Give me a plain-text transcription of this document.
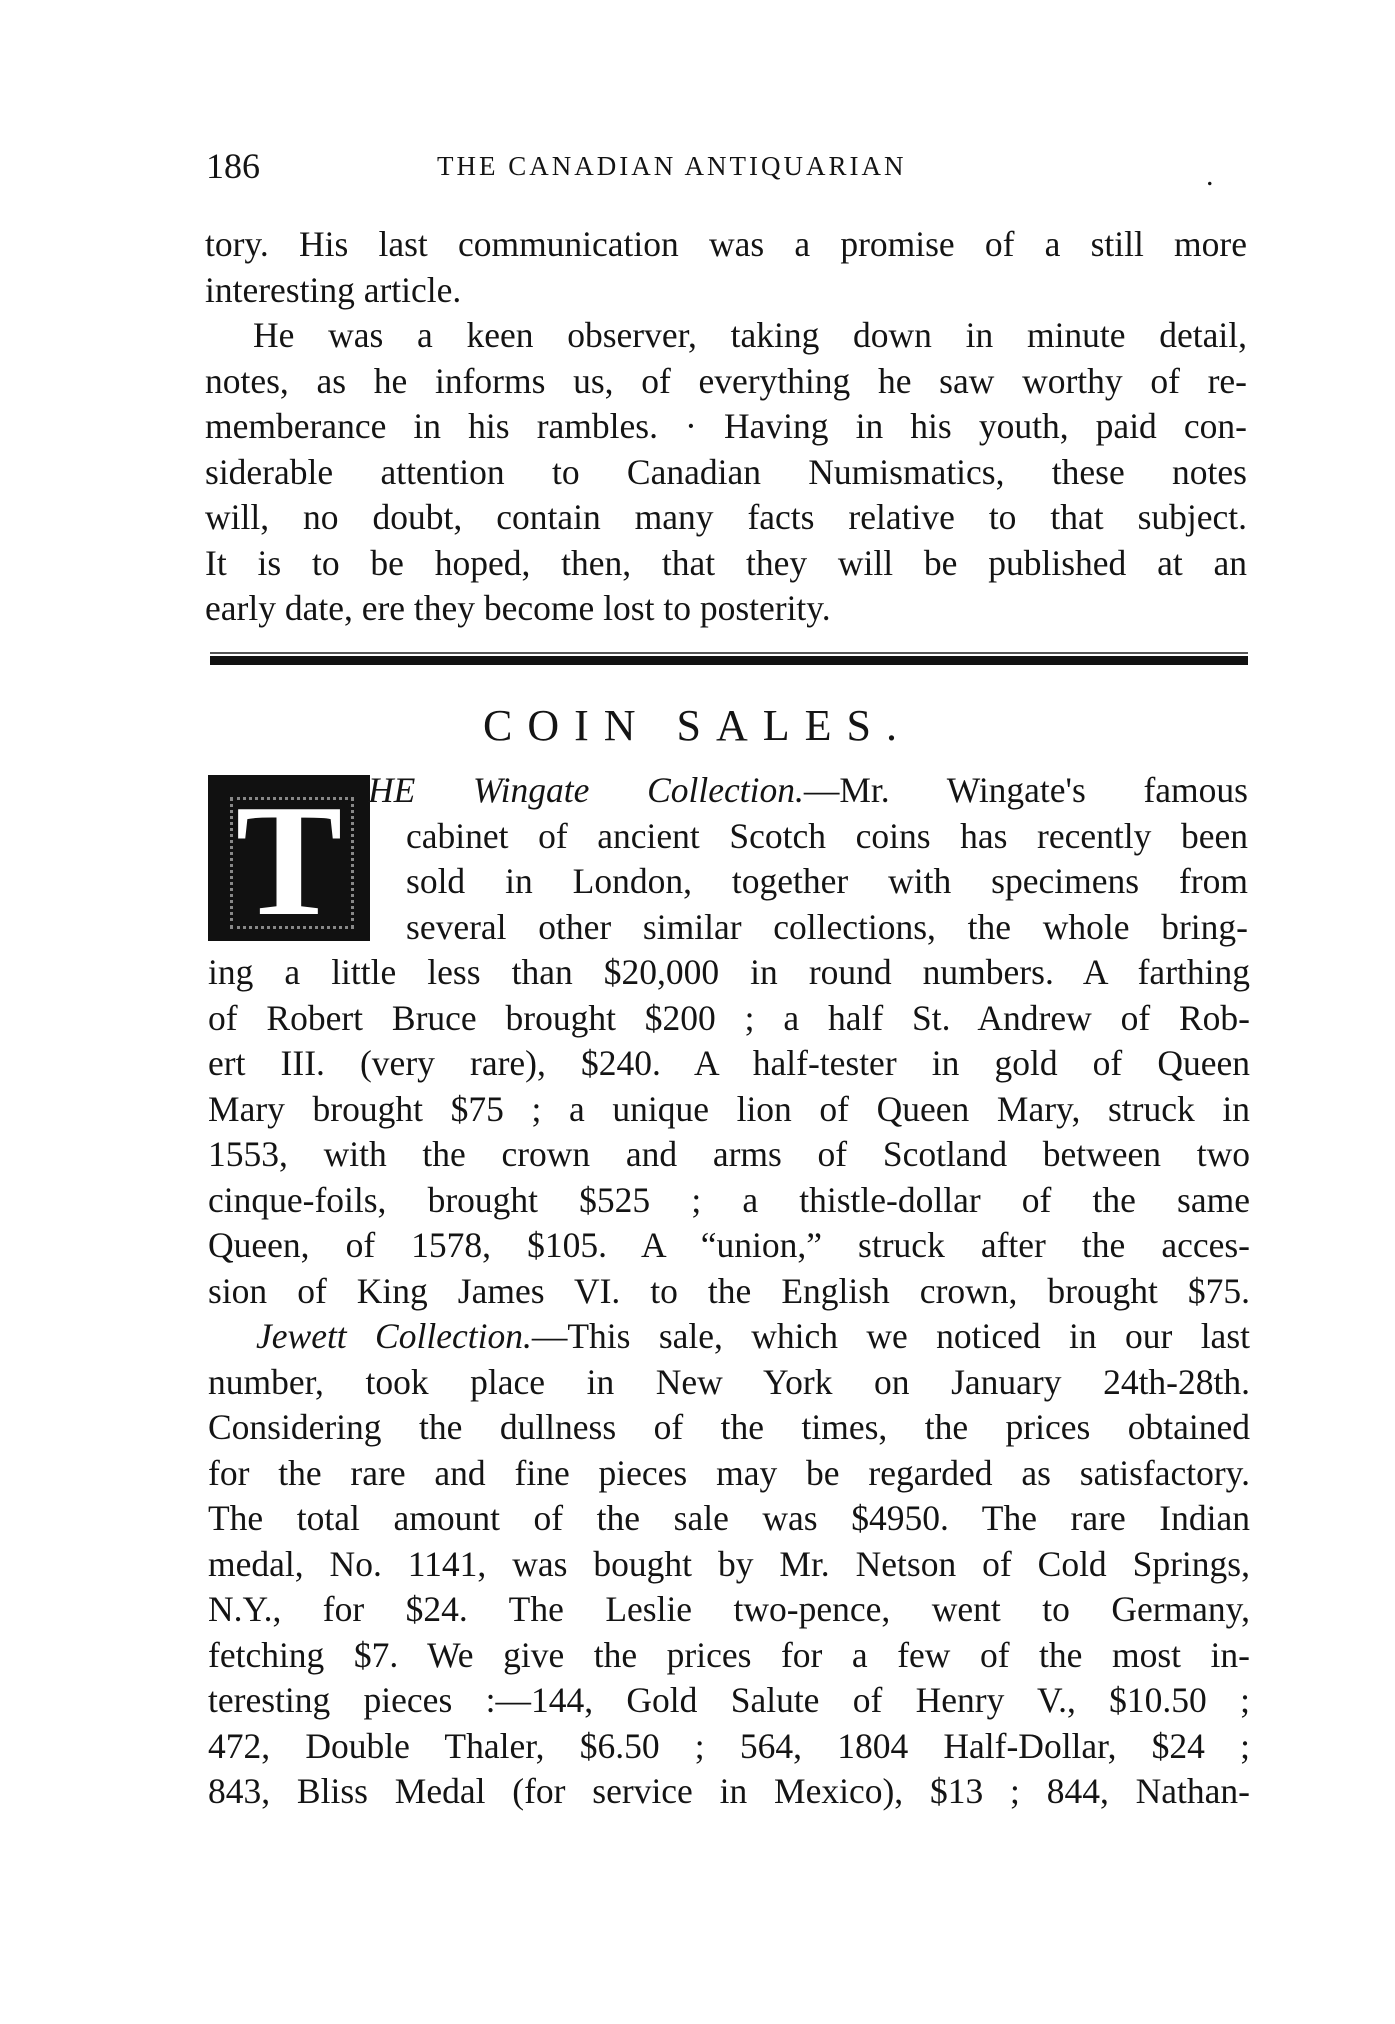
186	THE CANADIAN ANTIQUARIAN	.
tory. His last communication was a promise of a still more
interesting article.
He was a keen observer, taking down in minute detail,
notes, as he informs us, of everything he saw worthy of re-
memberance in his rambles. · Having in his youth, paid con-
siderable attention to Canadian Numismatics, these notes
will, no doubt, contain many facts relative to that subject.
It is to be hoped, then, that they will be published at an
early date, ere they become lost to posterity.
COIN SALES.
T HE Wingate Collection.—Mr. Wingate's famous
cabinet of ancient Scotch coins has recently been
sold in London, together with specimens from
several other similar collections, the whole bring-
ing a little less than $20,000 in round numbers. A farthing
of Robert Bruce brought $200 ; a half St. Andrew of Rob-
ert III. (very rare), $240. A half-tester in gold of Queen
Mary brought $75 ; a unique lion of Queen Mary, struck in
1553, with the crown and arms of Scotland between two
cinque-foils, brought $525 ; a thistle-dollar of the same
Queen, of 1578, $105. A “union,” struck after the acces-
sion of King James VI. to the English crown, brought $75.
Jewett Collection.—This sale, which we noticed in our last
number, took place in New York on January 24th-28th.
Considering the dullness of the times, the prices obtained
for the rare and fine pieces may be regarded as satisfactory.
The total amount of the sale was $4950. The rare Indian
medal, No. 1141, was bought by Mr. Netson of Cold Springs,
N.Y., for $24. The Leslie two-pence, went to Germany,
fetching $7. We give the prices for a few of the most in-
teresting pieces :—144, Gold Salute of Henry V., $10.50 ;
472, Double Thaler, $6.50 ; 564, 1804 Half-Dollar, $24 ;
843, Bliss Medal (for service in Mexico), $13 ; 844, Nathan-
